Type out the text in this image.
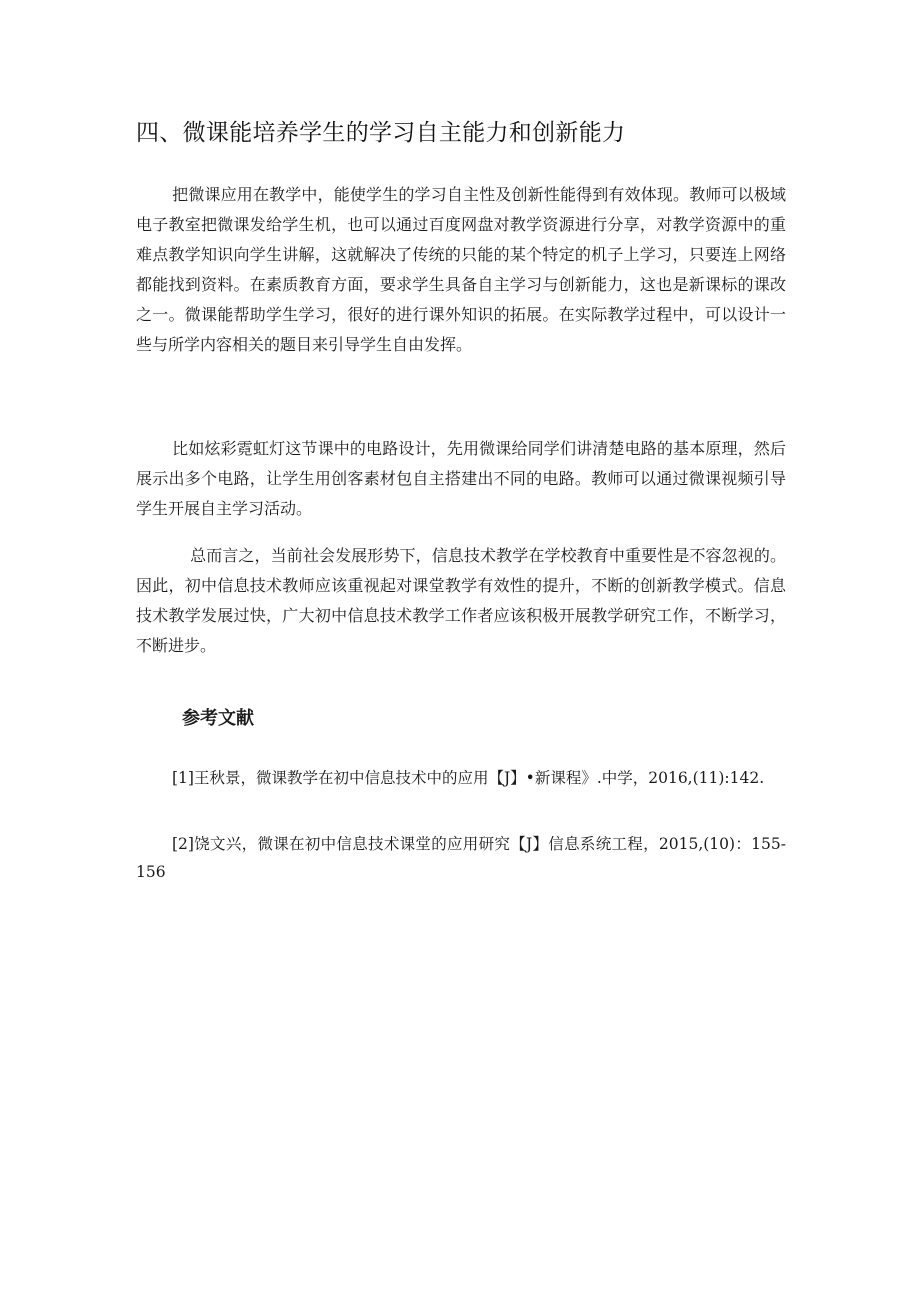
四、微课能培养学生的学习自主能力和创新能力

把微课应用在教学中，能使学生的学习自主性及创新性能得到有效体现。教师可以极域电子教室把微课发给学生机，也可以通过百度网盘对教学资源进行分享，对教学资源中的重难点教学知识向学生讲解，这就解决了传统的只能的某个特定的机子上学习，只要连上网络都能找到资料。在素质教育方面，要求学生具备自主学习与创新能力，这也是新课标的课改之一。微课能帮助学生学习，很好的进行课外知识的拓展。在实际教学过程中，可以设计一些与所学内容相关的题目来引导学生自由发挥。

比如炫彩霓虹灯这节课中的电路设计，先用微课给同学们讲清楚电路的基本原理，然后展示出多个电路，让学生用创客素材包自主搭建出不同的电路。教师可以通过微课视频引导学生开展自主学习活动。

总而言之，当前社会发展形势下，信息技术教学在学校教育中重要性是不容忽视的。因此，初中信息技术教师应该重视起对课堂教学有效性的提升，不断的创新教学模式。信息技术教学发展过快，广大初中信息技术教学工作者应该积极开展教学研究工作，不断学习，不断进步。

参考文献

[1]王秋景，微课教学在初中信息技术中的应用【J】•新课程》.中学，2016,(11):142.

[2]饶文兴，微课在初中信息技术课堂的应用研究【J】信息系统工程，2015,(10)：155-156
